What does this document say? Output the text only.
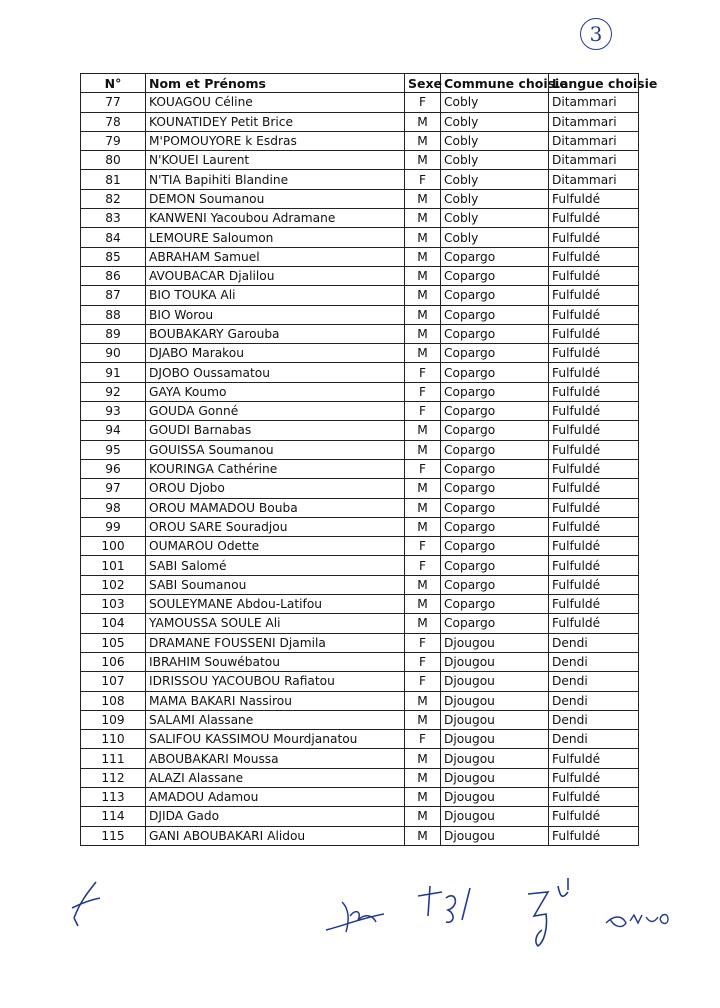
3
N°	Nom et Prénoms	Sexe	Commune choisie	Langue choisie
77	KOUAGOU Céline	F	Cobly	Ditammari
78	KOUNATIDEY Petit Brice	M	Cobly	Ditammari
79	M'POMOUYORE k Esdras	M	Cobly	Ditammari
80	N'KOUEI Laurent	M	Cobly	Ditammari
81	N'TIA Bapihiti Blandine	F	Cobly	Ditammari
82	DEMON Soumanou	M	Cobly	Fulfuldé
83	KANWENI Yacoubou Adramane	M	Cobly	Fulfuldé
84	LEMOURE Saloumon	M	Cobly	Fulfuldé
85	ABRAHAM Samuel	M	Copargo	Fulfuldé
86	AVOUBACAR Djalilou	M	Copargo	Fulfuldé
87	BIO TOUKA Ali	M	Copargo	Fulfuldé
88	BIO Worou	M	Copargo	Fulfuldé
89	BOUBAKARY Garouba	M	Copargo	Fulfuldé
90	DJABO Marakou	M	Copargo	Fulfuldé
91	DJOBO Oussamatou	F	Copargo	Fulfuldé
92	GAYA Koumo	F	Copargo	Fulfuldé
93	GOUDA Gonné	F	Copargo	Fulfuldé
94	GOUDI Barnabas	M	Copargo	Fulfuldé
95	GOUISSA Soumanou	M	Copargo	Fulfuldé
96	KOURINGA Cathérine	F	Copargo	Fulfuldé
97	OROU Djobo	M	Copargo	Fulfuldé
98	OROU MAMADOU Bouba	M	Copargo	Fulfuldé
99	OROU SARE Souradjou	M	Copargo	Fulfuldé
100	OUMAROU Odette	F	Copargo	Fulfuldé
101	SABI Salomé	F	Copargo	Fulfuldé
102	SABI Soumanou	M	Copargo	Fulfuldé
103	SOULEYMANE Abdou-Latifou	M	Copargo	Fulfuldé
104	YAMOUSSA SOULE Ali	M	Copargo	Fulfuldé
105	DRAMANE FOUSSENI Djamila	F	Djougou	Dendi
106	IBRAHIM Souwébatou	F	Djougou	Dendi
107	IDRISSOU YACOUBOU Rafiatou	F	Djougou	Dendi
108	MAMA BAKARI Nassirou	M	Djougou	Dendi
109	SALAMI Alassane	M	Djougou	Dendi
110	SALIFOU KASSIMOU Mourdjanatou	F	Djougou	Dendi
111	ABOUBAKARI Moussa	M	Djougou	Fulfuldé
112	ALAZI Alassane	M	Djougou	Fulfuldé
113	AMADOU Adamou	M	Djougou	Fulfuldé
114	DJIDA Gado	M	Djougou	Fulfuldé
115	GANI ABOUBAKARI Alidou	M	Djougou	Fulfuldé
